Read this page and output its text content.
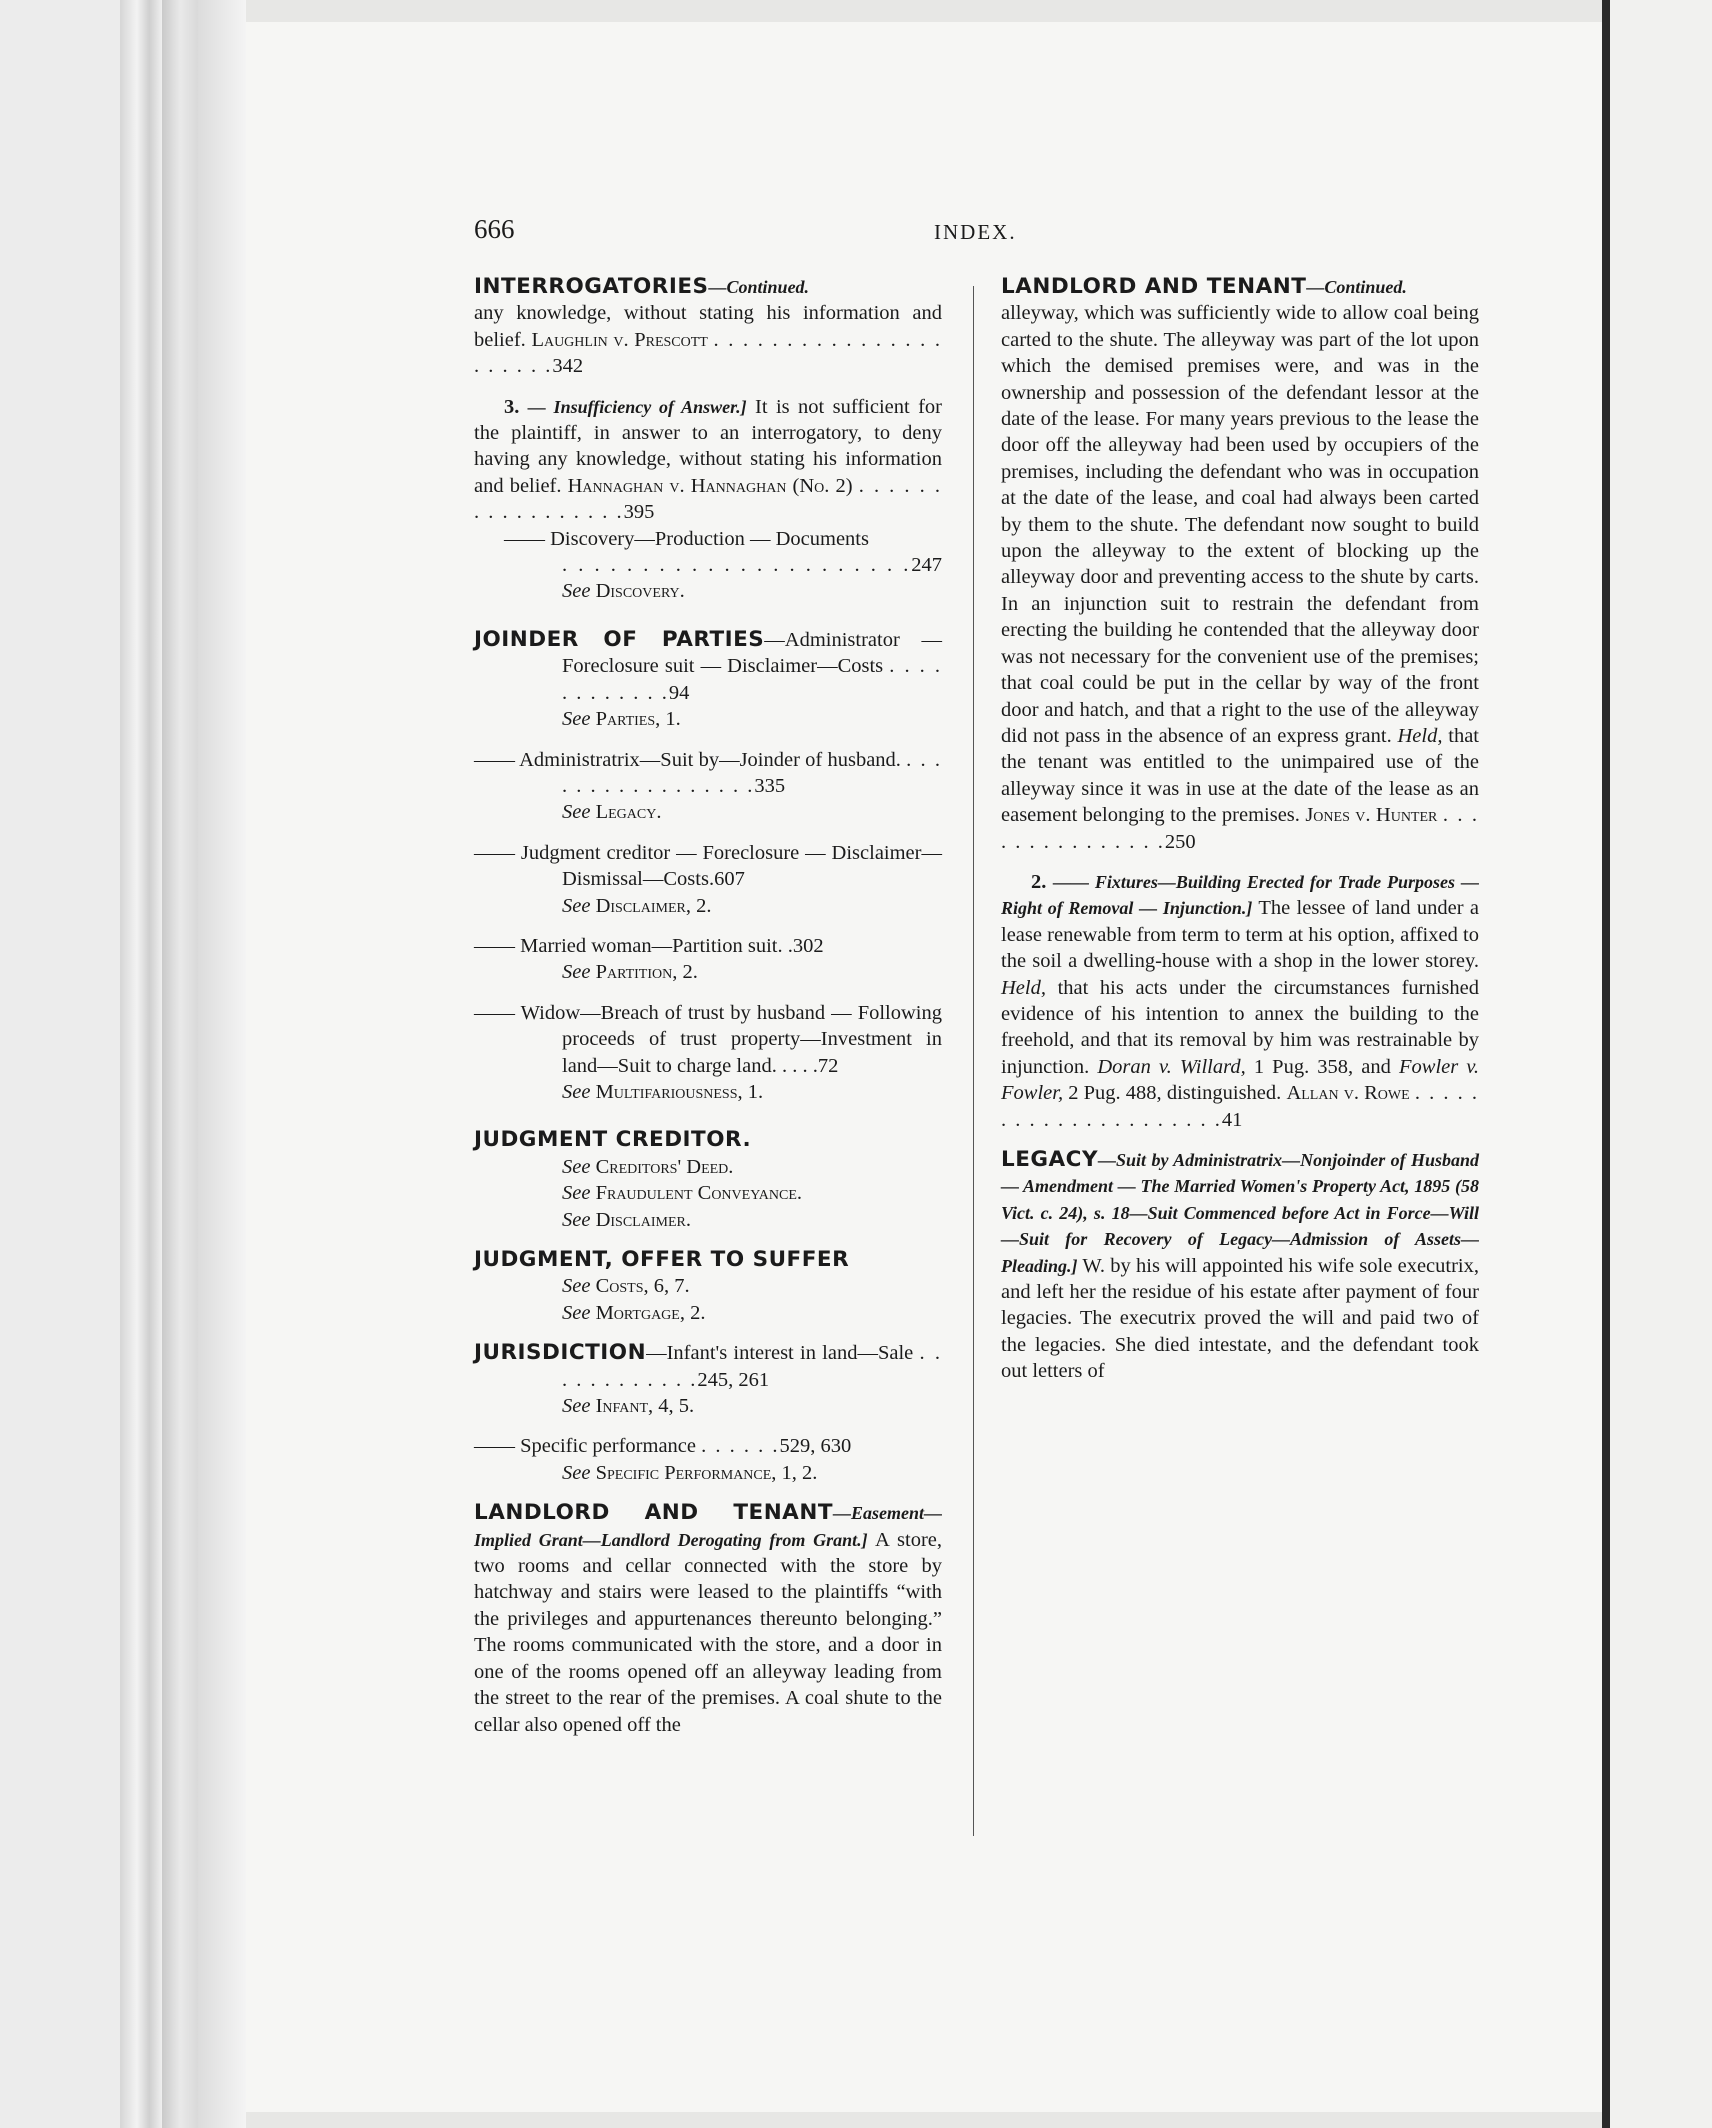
666	INDEX.
INTERROGATORIES—Continued.
any knowledge, without stating his information and belief. Laughlin v. Prescott . . . . . . . . . . . . . . . . . . . . . .342
3. — Insufficiency of Answer.] It is not sufficient for the plaintiff, in answer to an interrogatory, to deny having any knowledge, without stating his information and belief. Hannaghan v. Hannaghan (No. 2) . . . . . . . . . . . . . . . . .395
—— Discovery—Production — Documents
. . .
247
See Discovery.
JOINDER OF PARTIES—Administrator — Foreclosure suit — Disclaimer—Costs . . . . . . . . . . . .94
See Parties, 1.
—— Administratrix—Suit by—Joinder of husband. . . . . . . . . . . . . . . . . .335
See Legacy.
—— Judgment creditor — Foreclosure — Disclaimer—Dismissal—Costs.607
See Disclaimer, 2.
—— Married woman—Partition suit. .302
See Partition, 2.
—— Widow—Breach of trust by husband — Following proceeds of trust property—Investment in land—Suit to charge land. . . . .72
See Multifariousness, 1.
JUDGMENT CREDITOR.
See Creditors' Deed.
See Fraudulent Conveyance.
See Disclaimer.
JUDGMENT, OFFER TO SUFFER
See Costs, 6, 7.
See Mortgage, 2.
JURISDICTION—Infant's interest in land—Sale . . . . . . . . . . . .245, 261
See Infant, 4, 5.
—— Specific performance . . . . . .529, 630
See Specific Performance, 1, 2.
LANDLORD AND TENANT—Easement—Implied Grant—Landlord Derogating from Grant.] A store, two rooms and cellar connected with the store by hatchway and stairs were leased to the plaintiffs “with the privileges and appurtenances thereunto belonging.” The rooms communicated with the store, and a door in one of the rooms opened off an alleyway leading from the street to the rear of the premises. A coal shute to the cellar also opened off the
LANDLORD AND TENANT—Continued.
alleyway, which was sufficiently wide to allow coal being carted to the shute. The alleyway was part of the lot upon which the demised premises were, and was in the ownership and possession of the defendant lessor at the date of the lease. For many years previous to the lease the door off the alleyway had been used by occupiers of the premises, including the defendant who was in occupation at the date of the lease, and coal had always been carted by them to the shute. The defendant now sought to build upon the alleyway to the extent of blocking up the alleyway door and preventing access to the shute by carts. In an injunction suit to restrain the defendant from erecting the building he contended that the alleyway door was not necessary for the convenient use of the premises; that coal could be put in the cellar by way of the front door and hatch, and that a right to the use of the alleyway did not pass in the absence of an express grant. Held, that the tenant was entitled to the unimpaired use of the alleyway since it was in use at the date of the lease as an easement belonging to the premises. Jones v. Hunter . . . . . . . . . . . . . . .250
2. —— Fixtures—Building Erected for Trade Purposes — Right of Removal — Injunction.] The lessee of land under a lease renewable from term to term at his option, affixed to the soil a dwelling-house with a shop in the lower storey. Held, that his acts under the circumstances furnished evidence of his intention to annex the building to the freehold, and that its removal by him was restrainable by injunction. Doran v. Willard, 1 Pug. 358, and Fowler v. Fowler, 2 Pug. 488, distinguished. Allan v. Rowe . . . . . . . . . . . . . . . . . . . . .41
LEGACY—Suit by Administratrix—Nonjoinder of Husband — Amendment — The Married Women's Property Act, 1895 (58 Vict. c. 24), s. 18—Suit Commenced before Act in Force—Will—Suit for Recovery of Legacy—Admission of Assets—Pleading.] W. by his will appointed his wife sole executrix, and left her the residue of his estate after payment of four legacies. The executrix proved the will and paid two of the legacies. She died intestate, and the defendant took out letters of
